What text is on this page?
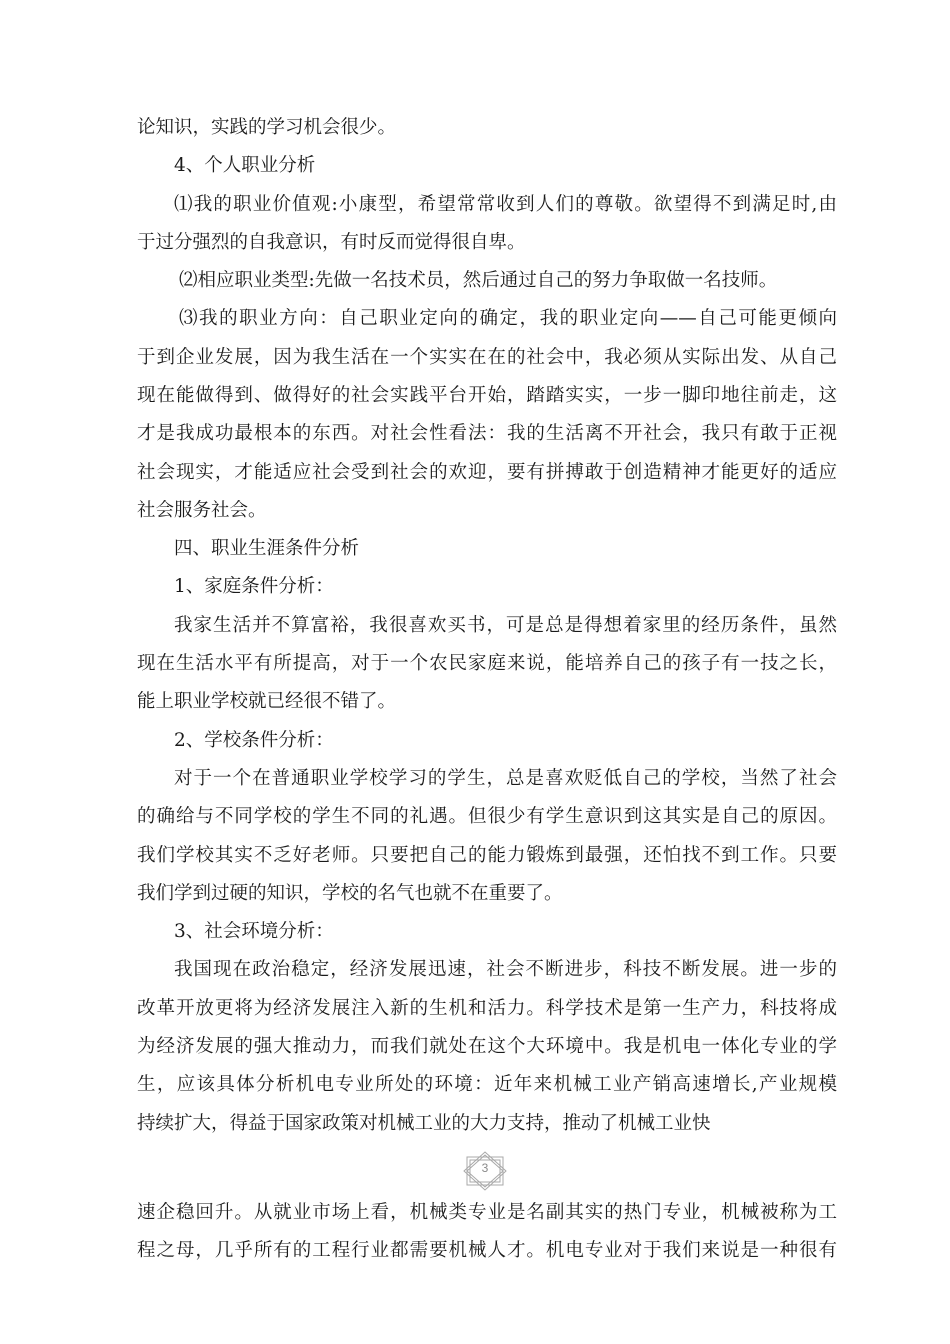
论知识，实践的学习机会很少。
4、个人职业分析
⑴我的职业价值观:小康型，希望常常收到人们的尊敬。欲望得不到满足时,由
于过分强烈的自我意识，有时反而觉得很自卑。
⑵相应职业类型:先做一名技术员，然后通过自己的努力争取做一名技师。
⑶我的职业方向：自己职业定向的确定，我的职业定向——自己可能更倾向
于到企业发展，因为我生活在一个实实在在的社会中，我必须从实际出发、从自己
现在能做得到、做得好的社会实践平台开始，踏踏实实，一步一脚印地往前走，这
才是我成功最根本的东西。对社会性看法：我的生活离不开社会，我只有敢于正视
社会现实，才能适应社会受到社会的欢迎，要有拼搏敢于创造精神才能更好的适应
社会服务社会。
四、职业生涯条件分析
1、家庭条件分析：
我家生活并不算富裕，我很喜欢买书，可是总是得想着家里的经历条件，虽然
现在生活水平有所提高，对于一个农民家庭来说，能培养自己的孩子有一技之长，
能上职业学校就已经很不错了。
2、学校条件分析：
对于一个在普通职业学校学习的学生，总是喜欢贬低自己的学校，当然了社会
的确给与不同学校的学生不同的礼遇。但很少有学生意识到这其实是自己的原因。
我们学校其实不乏好老师。只要把自己的能力锻炼到最强，还怕找不到工作。只要
我们学到过硬的知识，学校的名气也就不在重要了。
3、社会环境分析：
我国现在政治稳定，经济发展迅速，社会不断进步，科技不断发展。进一步的
改革开放更将为经济发展注入新的生机和活力。科学技术是第一生产力，科技将成
为经济发展的强大推动力，而我们就处在这个大环境中。我是机电一体化专业的学
生，应该具体分析机电专业所处的环境：近年来机械工业产销高速增长,产业规模
持续扩大，得益于国家政策对机械工业的大力支持，推动了机械工业快
3
速企稳回升。从就业市场上看，机械类专业是名副其实的热门专业，机械被称为工
程之母，几乎所有的工程行业都需要机械人才。机电专业对于我们来说是一种很有
